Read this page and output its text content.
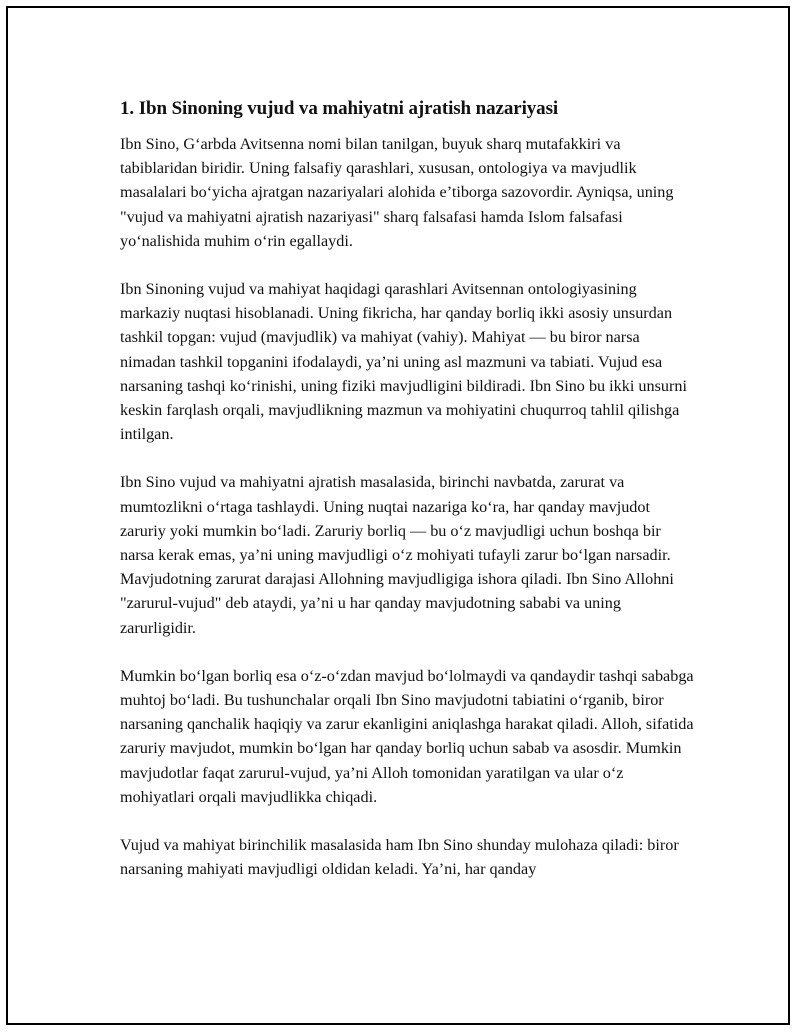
1. Ibn Sinoning vujud va mahiyatni ajratish nazariyasi

Ibn Sino, G‘arbda Avitsenna nomi bilan tanilgan, buyuk sharq mutafakkiri va tabiblaridan biridir. Uning falsafiy qarashlari, xususan, ontologiya va mavjudlik masalalari bo‘yicha ajratgan nazariyalari alohida e’tiborga sazovordir. Ayniqsa, uning "vujud va mahiyatni ajratish nazariyasi" sharq falsafasi hamda Islom falsafasi yo‘nalishida muhim o‘rin egallaydi.

Ibn Sinoning vujud va mahiyat haqidagi qarashlari Avitsennan ontologiyasining markaziy nuqtasi hisoblanadi. Uning fikricha, har qanday borliq ikki asosiy unsurdan tashkil topgan: vujud (mavjudlik) va mahiyat (vahiy). Mahiyat — bu biror narsa nimadan tashkil topganini ifodalaydi, ya’ni uning asl mazmuni va tabiati. Vujud esa narsaning tashqi ko‘rinishi, uning fiziki mavjudligini bildiradi. Ibn Sino bu ikki unsurni keskin farqlash orqali, mavjudlikning mazmun va mohiyatini chuqurroq tahlil qilishga intilgan.

Ibn Sino vujud va mahiyatni ajratish masalasida, birinchi navbatda, zarurat va mumtozlikni o‘rtaga tashlaydi. Uning nuqtai nazariga ko‘ra, har qanday mavjudot zaruriy yoki mumkin bo‘ladi. Zaruriy borliq — bu o‘z mavjudligi uchun boshqa bir narsa kerak emas, ya’ni uning mavjudligi o‘z mohiyati tufayli zarur bo‘lgan narsadir. Mavjudotning zarurat darajasi Allohning mavjudligiga ishora qiladi. Ibn Sino Allohni "zarurul-vujud" deb ataydi, ya’ni u har qanday mavjudotning sababi va uning zarurligidir.

Mumkin bo‘lgan borliq esa o‘z-o‘zdan mavjud bo‘lolmaydi va qandaydir tashqi sababga muhtoj bo‘ladi. Bu tushunchalar orqali Ibn Sino mavjudotni tabiatini o‘rganib, biror narsaning qanchalik haqiqiy va zarur ekanligini aniqlashga harakat qiladi. Alloh, sifatida zaruriy mavjudot, mumkin bo‘lgan har qanday borliq uchun sabab va asosdir. Mumkin mavjudotlar faqat zarurul-vujud, ya’ni Alloh tomonidan yaratilgan va ular o‘z mohiyatlari orqali mavjudlikka chiqadi.

Vujud va mahiyat birinchilik masalasida ham Ibn Sino shunday mulohaza qiladi: biror narsaning mahiyati mavjudligi oldidan keladi. Ya’ni, har qanday
